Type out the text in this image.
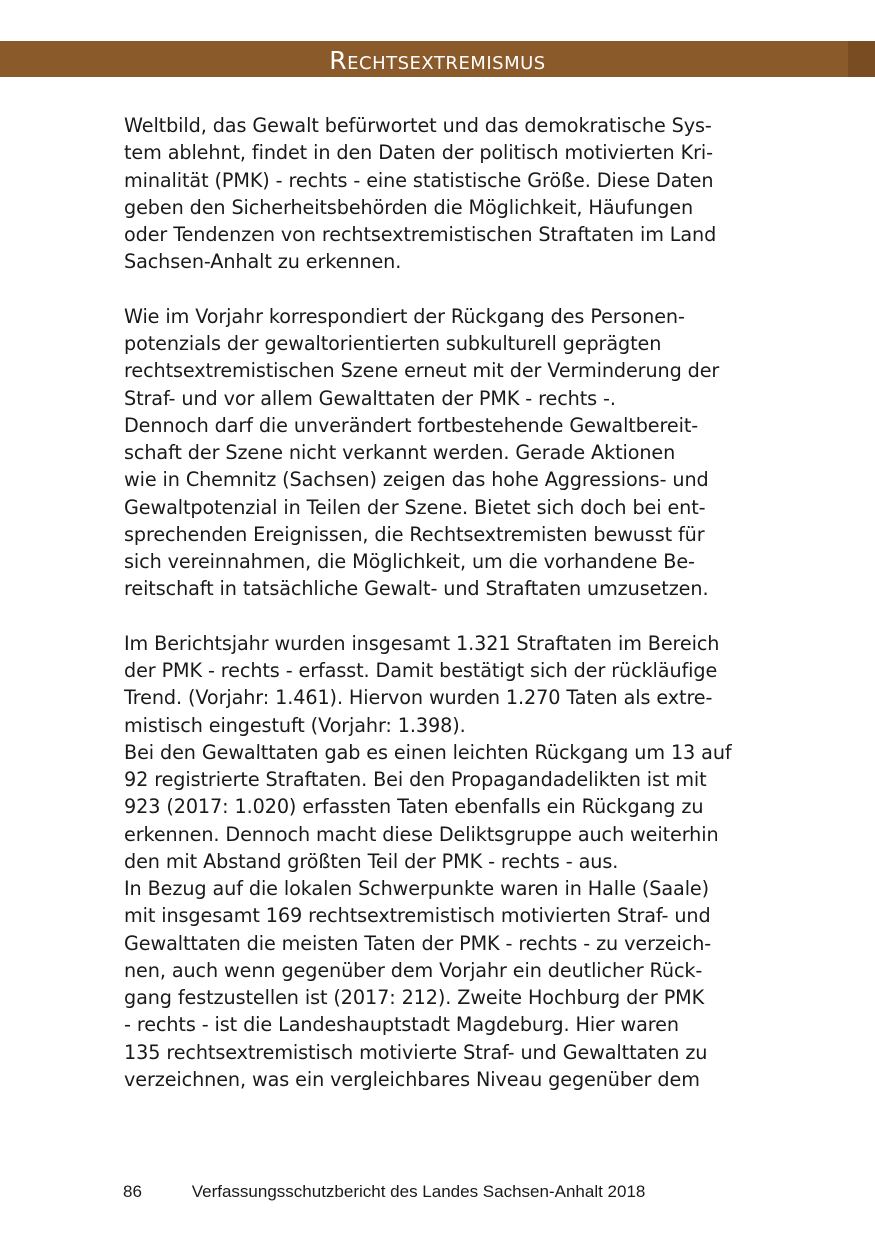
Rechtsextremismus
Weltbild, das Gewalt befürwortet und das demokratische Sys-
tem ablehnt, findet in den Daten der politisch motivierten Kri-
minalität (PMK) - rechts - eine statistische Größe. Diese Daten
geben den Sicherheitsbehörden die Möglichkeit, Häufungen
oder Tendenzen von rechtsextremistischen Straftaten im Land
Sachsen-Anhalt zu erkennen.
Wie im Vorjahr korrespondiert der Rückgang des Personen-
potenzials der gewaltorientierten subkulturell geprägten
rechtsextremistischen Szene erneut mit der Verminderung der
Straf- und vor allem Gewalttaten der PMK - rechts -.
Dennoch darf die unverändert fortbestehende Gewaltbereit-
schaft der Szene nicht verkannt werden. Gerade Aktionen
wie in Chemnitz (Sachsen) zeigen das hohe Aggressions- und
Gewaltpotenzial in Teilen der Szene. Bietet sich doch bei ent-
sprechenden Ereignissen, die Rechtsextremisten bewusst für
sich vereinnahmen, die Möglichkeit, um die vorhandene Be-
reitschaft in tatsächliche Gewalt- und Straftaten umzusetzen.
Im Berichtsjahr wurden insgesamt 1.321 Straftaten im Bereich
der PMK - rechts - erfasst. Damit bestätigt sich der rückläufige
Trend. (Vorjahr: 1.461). Hiervon wurden 1.270 Taten als extre-
mistisch eingestuft (Vorjahr: 1.398).
Bei den Gewalttaten gab es einen leichten Rückgang um 13 auf
92 registrierte Straftaten. Bei den Propagandadelikten ist mit
923 (2017: 1.020) erfassten Taten ebenfalls ein Rückgang zu
erkennen. Dennoch macht diese Deliktsgruppe auch weiterhin
den mit Abstand größten Teil der PMK - rechts - aus.
In Bezug auf die lokalen Schwerpunkte waren in Halle (Saale)
mit insgesamt 169 rechtsextremistisch motivierten Straf- und
Gewalttaten die meisten Taten der PMK - rechts - zu verzeich-
nen, auch wenn gegenüber dem Vorjahr ein deutlicher Rück-
gang festzustellen ist (2017: 212). Zweite Hochburg der PMK
- rechts - ist die Landeshauptstadt Magdeburg. Hier waren
135 rechtsextremistisch motivierte Straf- und Gewalttaten zu
verzeichnen, was ein vergleichbares Niveau gegenüber dem
86	Verfassungsschutzbericht des Landes Sachsen-Anhalt 2018
